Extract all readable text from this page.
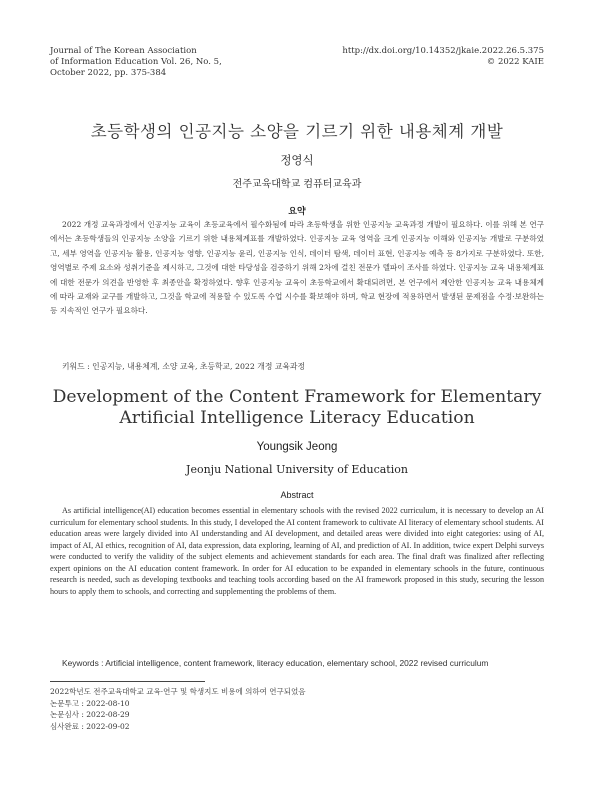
Journal of The Korean Association
of Information Education Vol. 26, No. 5,
October 2022, pp. 375-384
http://dx.doi.org/10.14352/jkaie.2022.26.5.375
© 2022 KAIE
초등학생의 인공지능 소양을 기르기 위한 내용체계 개발
정영식
전주교육대학교 컴퓨터교육과
요약
2022 개정 교육과정에서 인공지능 교육이 초등교육에서 필수화됨에 따라 초등학생을 위한 인공지능 교육과정 개발이 필요하다. 이를 위해 본 연구에서는 초등학생들의 인공지능 소양을 기르기 위한 내용체계표를 개발하였다. 인공지능 교육 영역을 크게 인공지능 이해와 인공지능 개발로 구분하였고, 세부 영역을 인공지능 활용, 인공지능 영향, 인공지능 윤리, 인공지능 인식, 데이터 탐색, 데이터 표현, 인공지능 예측 등 8가지로 구분하였다. 또한, 영역별로 주제 요소와 성취기준을 제시하고, 그것에 대한 타당성을 검증하기 위해 2차에 걸친 전문가 델파이 조사를 하였다. 인공지능 교육 내용체계표에 대한 전문가 의견을 반영한 후 최종안을 확정하였다. 향후 인공지능 교육이 초등학교에서 확대되려면, 본 연구에서 제안한 인공지능 교육 내용체계에 따라 교재와 교구를 개발하고, 그것을 학교에 적용할 수 있도록 수업 시수를 확보해야 하며, 학교 현장에 적용하면서 발생된 문제점을 수정·보완하는 등 지속적인 연구가 필요하다.
키워드 : 인공지능, 내용체계, 소양 교육, 초등학교, 2022 개정 교육과정
Development of the Content Framework for Elementary
Artificial Intelligence Literacy Education
Youngsik Jeong
Jeonju National University of Education
Abstract
As artificial intelligence(AI) education becomes essential in elementary schools with the revised 2022 curriculum, it is necessary to develop an AI curriculum for elementary school students. In this study, I developed the AI content framework to cultivate AI literacy of elementary school students. AI education areas were largely divided into AI understanding and AI development, and detailed areas were divided into eight categories: using of AI, impact of AI, AI ethics, recognition of AI, data expression, data exploring, learning of AI, and prediction of AI. In addition, twice expert Delphi surveys were conducted to verify the validity of the subject elements and achievement standards for each area. The final draft was finalized after reflecting expert opinions on the AI education content framework. In order for AI education to be expanded in elementary schools in the future, continuous research is needed, such as developing textbooks and teaching tools according based on the AI framework proposed in this study, securing the lesson hours to apply them to schools, and correcting and supplementing the problems of them.
Keywords : Artificial intelligence, content framework, literacy education, elementary school, 2022 revised curriculum
2022학년도 전주교육대학교 교육·연구 및 학생지도 비용에 의하여 연구되었음
논문투고 : 2022-08-10
논문심사 : 2022-08-29
심사완료 : 2022-09-02
